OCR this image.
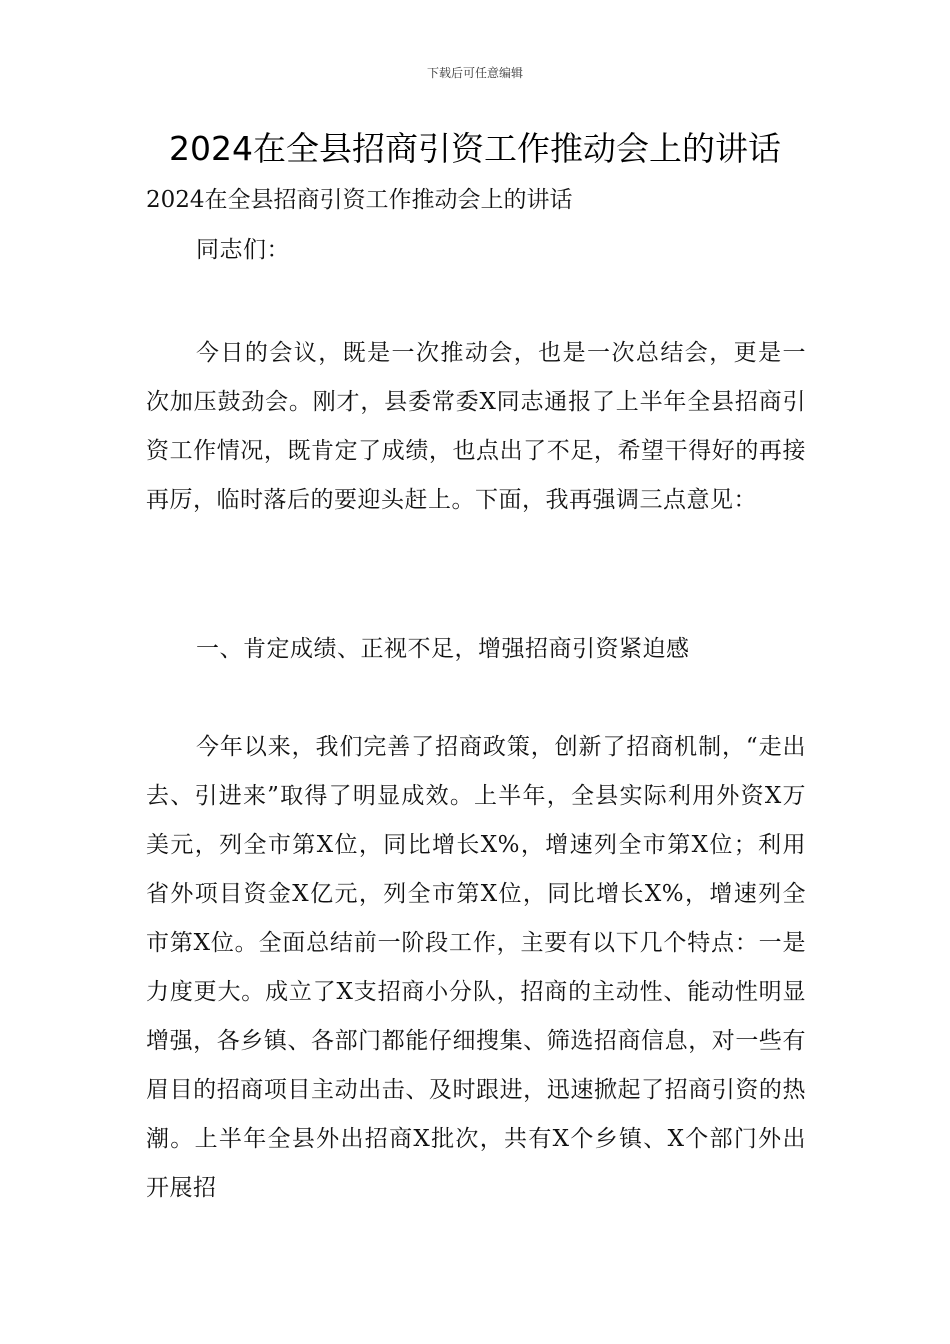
下载后可任意编辑
2024在全县招商引资工作推动会上的讲话
2024在全县招商引资工作推动会上的讲话
同志们：
今日的会议，既是一次推动会，也是一次总结会，更是一次加压鼓劲会。刚才，县委常委X同志通报了上半年全县招商引资工作情况，既肯定了成绩，也点出了不足，希望干得好的再接再厉，临时落后的要迎头赶上。下面，我再强调三点意见：
一、肯定成绩、正视不足，增强招商引资紧迫感
今年以来，我们完善了招商政策，创新了招商机制，“走出去、引进来”取得了明显成效。上半年，全县实际利用外资X万美元，列全市第X位，同比增长X%，增速列全市第X位；利用省外项目资金X亿元，列全市第X位，同比增长X%，增速列全市第X位。全面总结前一阶段工作，主要有以下几个特点：一是力度更大。成立了X支招商小分队，招商的主动性、能动性明显增强，各乡镇、各部门都能仔细搜集、筛选招商信息，对一些有眉目的招商项目主动出击、及时跟进，迅速掀起了招商引资的热潮。上半年全县外出招商X批次，共有X个乡镇、X个部门外出开展招
